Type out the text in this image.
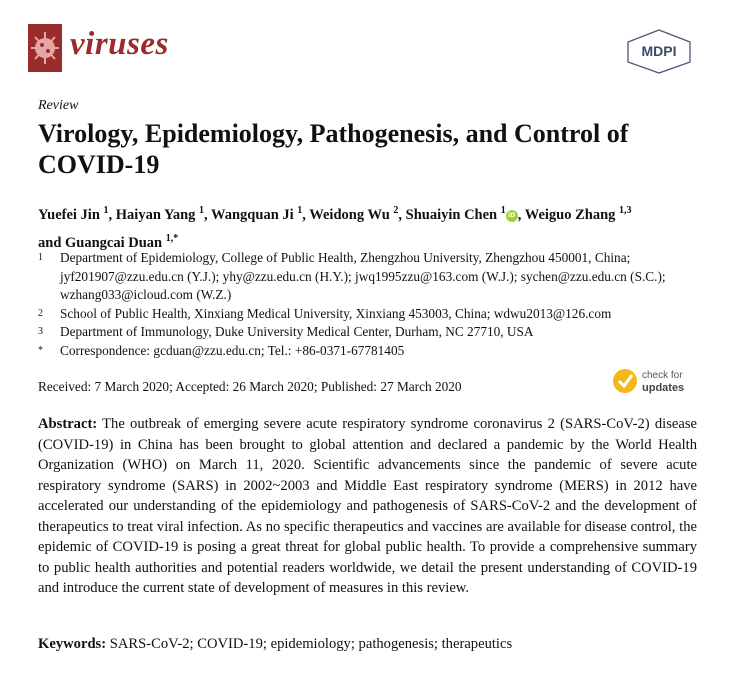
viruses	MDPI
Review
Virology, Epidemiology, Pathogenesis, and Control of COVID-19
Yuefei Jin $^1$, Haiyan Yang $^1$, Wangquan Ji $^1$, Weidong Wu $^2$, Shuaiyin Chen $^1$ iD , Weiguo Zhang $^{1,3}$
and Guangcai Duan $^{1,*}$
1	Department of Epidemiology, College of Public Health, Zhengzhou University, Zhengzhou 450001, China; jyf201907@zzu.edu.cn (Y.J.); yhy@zzu.edu.cn (H.Y.); jwq1995zzu@163.com (W.J.); sychen@zzu.edu.cn (S.C.); wzhang033@icloud.com (W.Z.)
2	School of Public Health, Xinxiang Medical University, Xinxiang 453003, China; wdwu2013@126.com
3	Department of Immunology, Duke University Medical Center, Durham, NC 27710, USA
*	Correspondence: gcduan@zzu.edu.cn; Tel.: +86-0371-67781405
Received: 7 March 2020; Accepted: 26 March 2020; Published: 27 March 2020
check for
updates
Abstract: The outbreak of emerging severe acute respiratory syndrome coronavirus 2 (SARS-CoV-2) disease (COVID-19) in China has been brought to global attention and declared a pandemic by the World Health Organization (WHO) on March 11, 2020. Scientific advancements since the pandemic of severe acute respiratory syndrome (SARS) in 2002~2003 and Middle East respiratory syndrome (MERS) in 2012 have accelerated our understanding of the epidemiology and pathogenesis of SARS-CoV-2 and the development of therapeutics to treat viral infection. As no specific therapeutics and vaccines are available for disease control, the epidemic of COVID-19 is posing a great threat for global public health. To provide a comprehensive summary to public health authorities and potential readers worldwide, we detail the present understanding of COVID-19 and introduce the current state of development of measures in this review.
Keywords: SARS-CoV-2; COVID-19; epidemiology; pathogenesis; therapeutics
